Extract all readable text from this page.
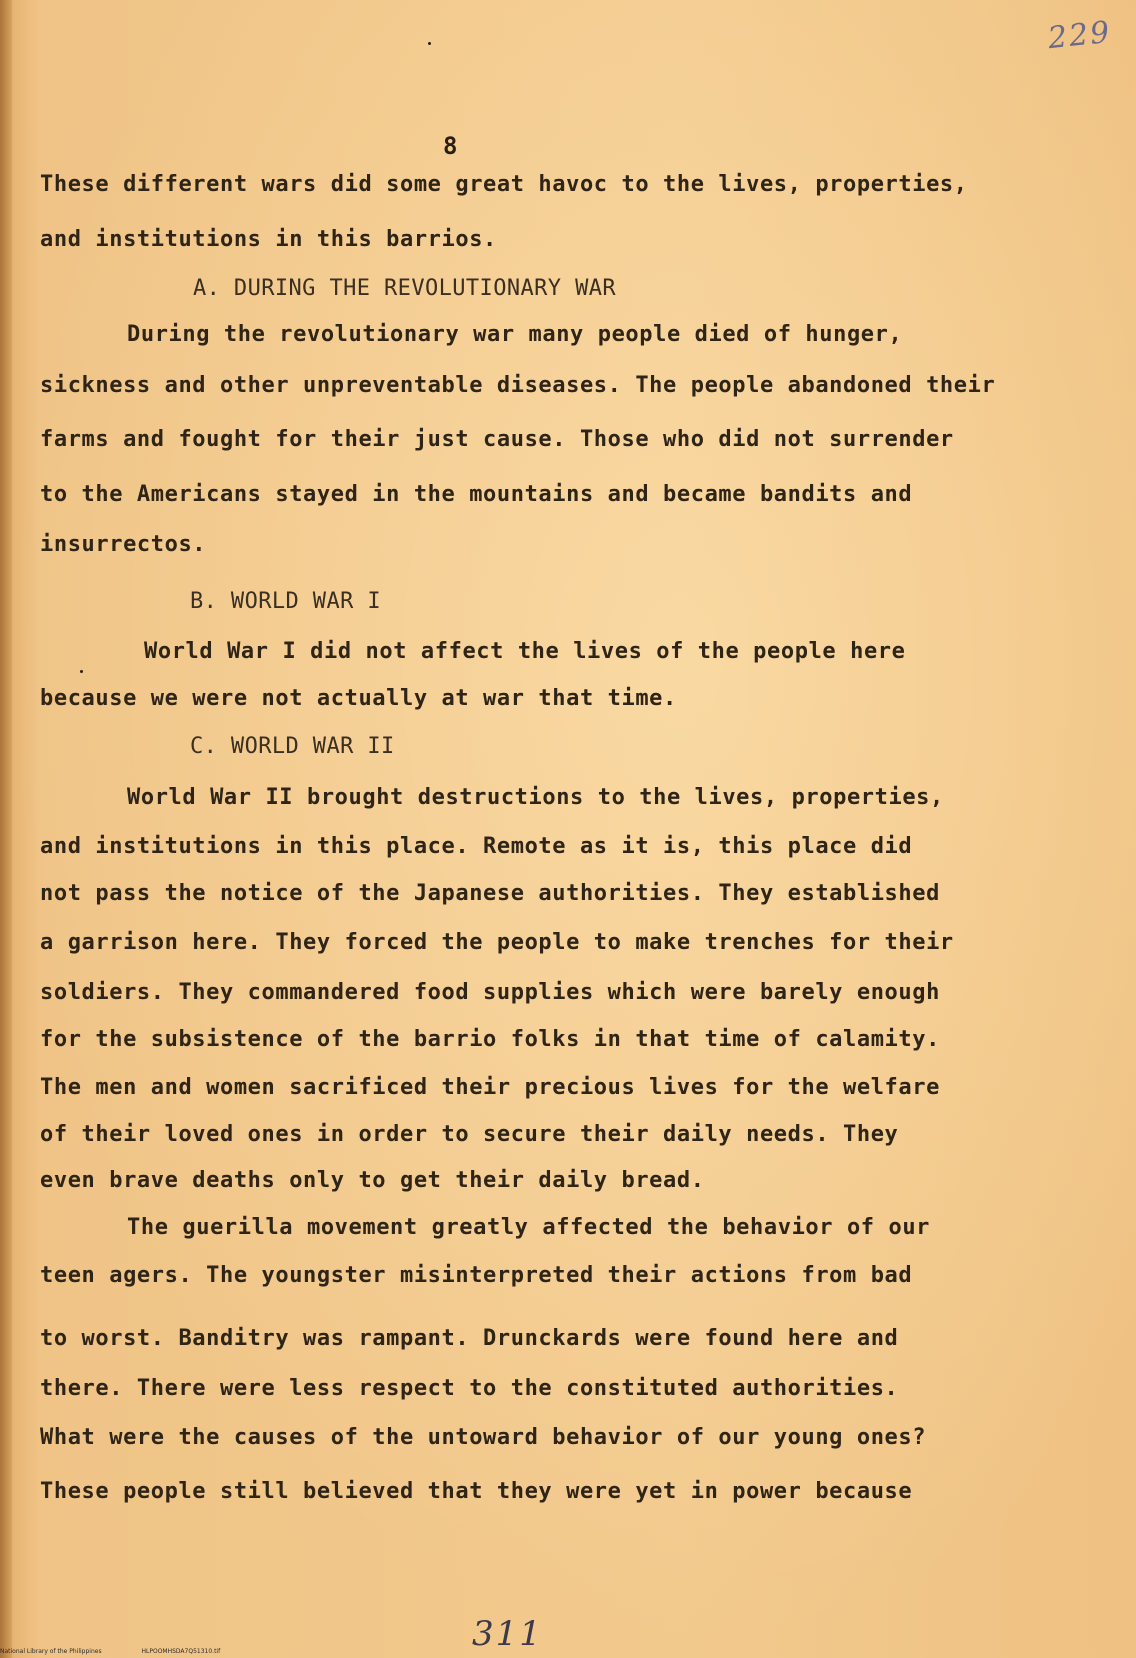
229
8
These different wars did some great havoc to the lives, properties,
and institutions in this barrios.
A. DURING THE REVOLUTIONARY WAR
During the revolutionary war many people died of hunger,
sickness and other unpreventable diseases. The people abandoned their
farms and fought for their just cause. Those who did not surrender
to the Americans stayed in the mountains and became bandits and
insurrectos.
B. WORLD WAR I
World War I did not affect the lives of the people here
because we were not actually at war that time.
C. WORLD WAR II
World War II brought destructions to the lives, properties,
and institutions in this place. Remote as it is, this place did
not pass the notice of the Japanese authorities. They established
a garrison here. They forced the people to make trenches for their
soldiers. They commandered food supplies which were barely enough
for the subsistence of the barrio folks in that time of calamity.
The men and women sacrificed their precious lives for the welfare
of their loved ones in order to secure their daily needs. They
even brave deaths only to get their daily bread.
The guerilla movement greatly affected the behavior of our
teen agers. The youngster misinterpreted their actions from bad
to worst. Banditry was rampant. Drunckards were found here and
there. There were less respect to the constituted authorities.
What were the causes of the untoward behavior of our young ones?
These people still believed that they were yet in power because
311
National Library of the Philippines	HLPOOMHSDA7Q51310.tif
